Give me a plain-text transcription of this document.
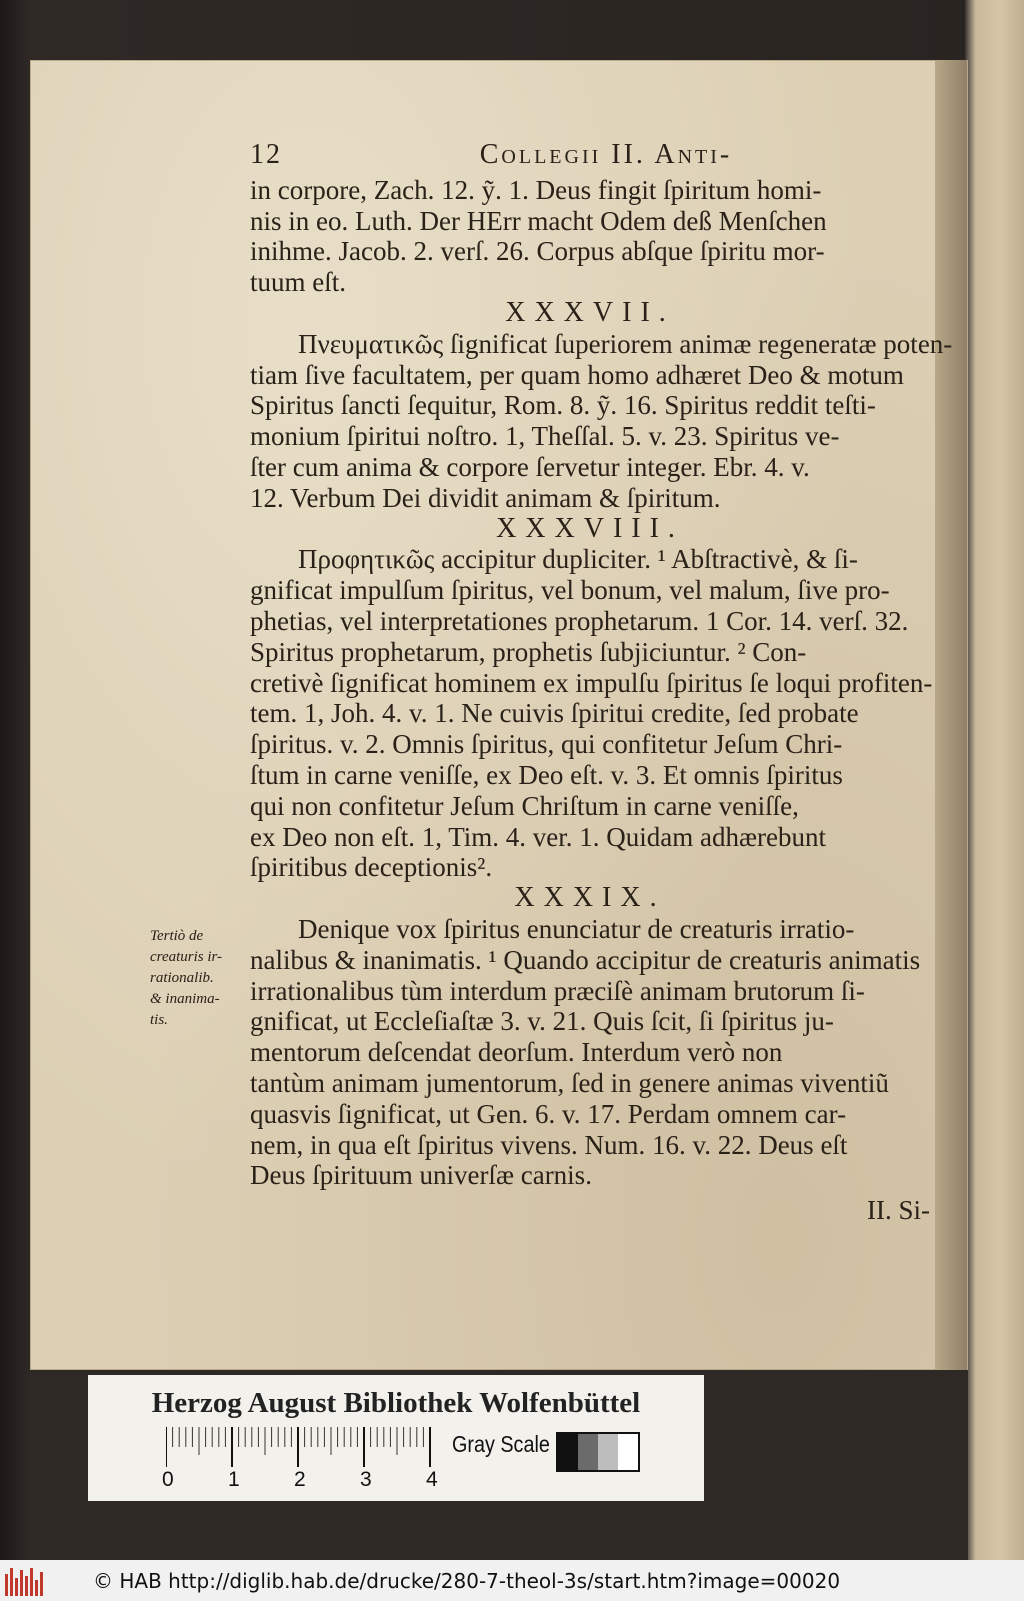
12	Collegii II. Anti-
in corpore, Zach. 12. ỹ. 1. Deus fingit ſpiritum homi-
nis in eo. Luth. Der HErr macht Odem deß Menſchen
inihme. Jacob. 2. verſ. 26. Corpus abſque ſpiritu mor-
tuum eſt.
XXXVII.
Πνευματικῶς ſignificat ſuperiorem animæ regeneratæ poten-
tiam ſive facultatem, per quam homo adhæret Deo & motum
Spiritus ſancti ſequitur, Rom. 8. ỹ. 16. Spiritus reddit teſti-
monium ſpiritui noſtro. 1, Theſſal. 5. v. 23. Spiritus ve-
ſter cum anima & corpore ſervetur integer. Ebr. 4. v.
12. Verbum Dei dividit animam & ſpiritum.
XXXVIII.
Προφητικῶς accipitur dupliciter. ¹ Abſtractivè, & ſi-
gnificat impulſum ſpiritus, vel bonum, vel malum, ſive pro-
phetias, vel interpretationes prophetarum. 1 Cor. 14. verſ. 32.
Spiritus prophetarum, prophetis ſubjiciuntur. ² Con-
cretivè ſignificat hominem ex impulſu ſpiritus ſe loqui profiten-
tem. 1, Joh. 4. v. 1. Ne cuivis ſpiritui credite, ſed probate
ſpiritus. v. 2. Omnis ſpiritus, qui confitetur Jeſum Chri-
ſtum in carne veniſſe, ex Deo eſt. v. 3. Et omnis ſpiritus
qui non confitetur Jeſum Chriſtum in carne veniſſe,
ex Deo non eſt. 1, Tim. 4. ver. 1. Quidam adhærebunt
ſpiritibus deceptionis².
XXXIX.
Denique vox ſpiritus enunciatur de creaturis irratio-
nalibus & inanimatis. ¹ Quando accipitur de creaturis animatis
irrationalibus tùm interdum præciſè animam brutorum ſi-
gnificat, ut Eccleſiaſtæ 3. v. 21. Quis ſcit, ſi ſpiritus ju-
mentorum deſcendat deorſum. Interdum verò non
tantùm animam jumentorum, ſed in genere animas viventiũ
quasvis ſignificat, ut Gen. 6. v. 17. Perdam omnem car-
nem, in qua eſt ſpiritus vivens. Num. 16. v. 22. Deus eſt
Deus ſpirituum univerſæ carnis.
II. Si-
Tertiò de
creaturis ir-
rationalib.
& inanima-
tis.
Herzog August Bibliothek Wolfenbüttel
0	1	2	3	4
Gray Scale
© HAB http://diglib.hab.de/drucke/280-7-theol-3s/start.htm?image=00020
